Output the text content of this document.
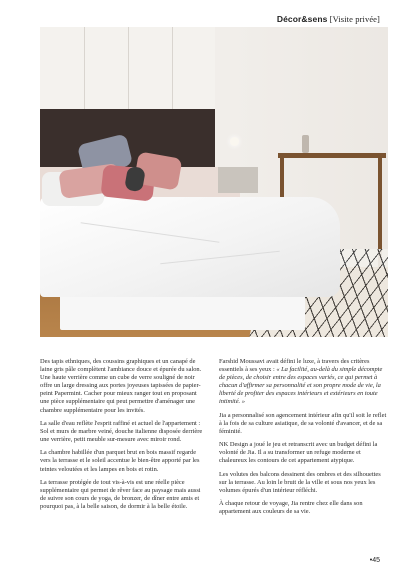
Décor&sens [Visite privée]

Des tapis ethniques, des coussins graphiques et un canapé de laine gris pâle complètent l'ambiance douce et épurée du salon. Une haute verrière comme un cube de verre souligné de noir offre un large dressing aux portes joyeuses tapissées de papier-peint Papermint. Cacher pour mieux ranger tout en proposant une pièce supplémentaire qui peut permettre d'aménager une chambre supplémentaire pour les invités.

La salle d'eau reflète l'esprit raffiné et actuel de l'appartement : Sol et murs de marbre veiné, douche italienne disposée derrière une verrière, petit meuble sur-mesure avec miroir rond.

La chambre habillée d'un parquet brut en bois massif regarde vers la terrasse et le soleil accentue le bien-être apporté par les teintes veloutées et les lampes en bois et rotin.

La terrasse protégée de tout vis-à-vis est une réelle pièce supplémentaire qui permet de rêver face au paysage mais aussi de suivre son cours de yoga, de bronzer, de dîner entre amis et pourquoi pas, à la belle saison, de dormir à la belle étoile.

Farshid Moussavi avait défini le luxe, à travers des critères essentiels à ses yeux : « La facilité, au-delà du simple décompte de pièces, de choisir entre des espaces variés, ce qui permet à chacun d'affirmer sa personnalité et son propre mode de vie, la liberté de profiter des espaces intérieurs et extérieurs en toute intimité. »

Jia a personnalisé son agencement intérieur afin qu'il soit le reflet à la fois de sa culture asiatique, de sa volonté d'avancer, et de sa féminité.

NK Design a joué le jeu et retranscrit avec un budget défini la volonté de Jia. Il a su transformer un refuge moderne et chaleureux les contours de cet appartement atypique.

Les volutes des balcons dessinent des ombres et des silhouettes sur la terrasse. Au loin le bruit de la ville et sous nos yeux les volumes épurés d'un intérieur réfléchi.

À chaque retour de voyage, Jia rentre chez elle dans son appartement aux couleurs de sa vie.

•45
